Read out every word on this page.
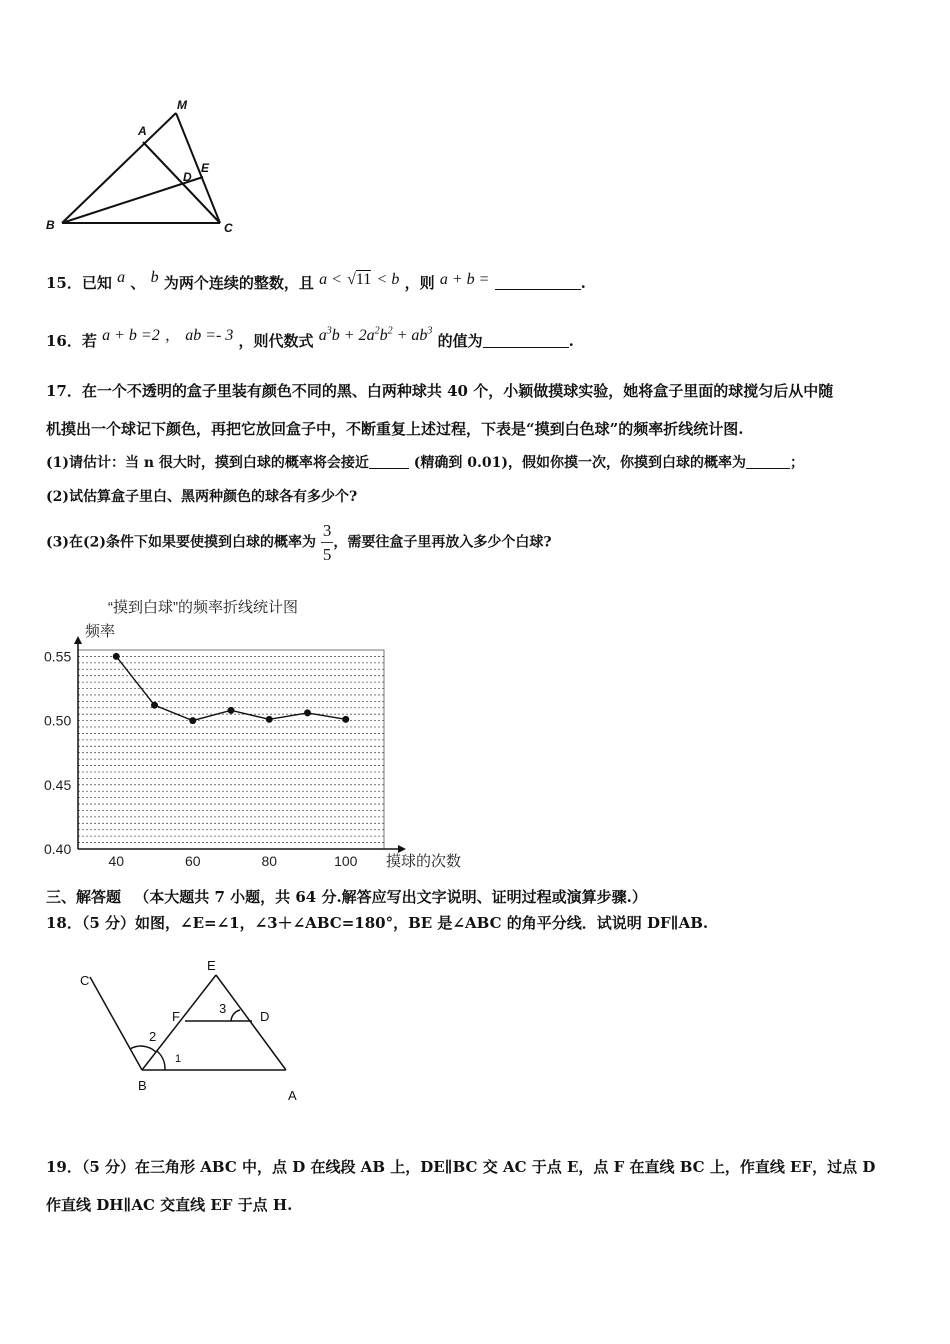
M
A
E
D
B	C
15．已知 a 、 b 为两个连续的整数，且 a < √11 < b ，则 a + b =	.
16．若 a + b =2 ， ab =- 3 ，则代数式 $a^3b + 2a^2b^2 + ab^3$ 的值为	.
17．在一个不透明的盒子里装有颜色不同的黑、白两种球共 40 个，小颖做摸球实验，她将盒子里面的球搅匀后从中随
机摸出一个球记下颜色，再把它放回盒子中，不断重复上述过程，下表是“摸到白色球”的频率折线统计图.
(1)请估计：当 n 很大时，摸到白球的概率将会接近	(精确到 0.01)，假如你摸一次，你摸到白球的概率为	；
(2)试估算盒子里白、黑两种颜色的球各有多少个?
(3)在(2)条件下如果要使摸到白球的概率为 $\frac{3}{5}$ ，需要往盒子里再放入多少个白球?
“摸到白球”的频率折线统计图
频率
摸球的次数
0.40
0.45
0.50
0.55
40	60	80	100
三、解答题 （本大题共 7 小题，共 64 分.解答应写出文字说明、证明过程或演算步骤.）
18．（5 分）如图，∠E=∠1，∠3＋∠ABC=180°，BE 是∠ABC 的角平分线．试说明 DF∥AB.
C
E
F	D
B
A
1
2
3
19．（5 分）在三角形 ABC 中，点 D 在线段 AB 上，DE∥BC 交 AC 于点 E，点 F 在直线 BC 上，作直线 EF，过点 D
作直线 DH∥AC 交直线 EF 于点 H.
